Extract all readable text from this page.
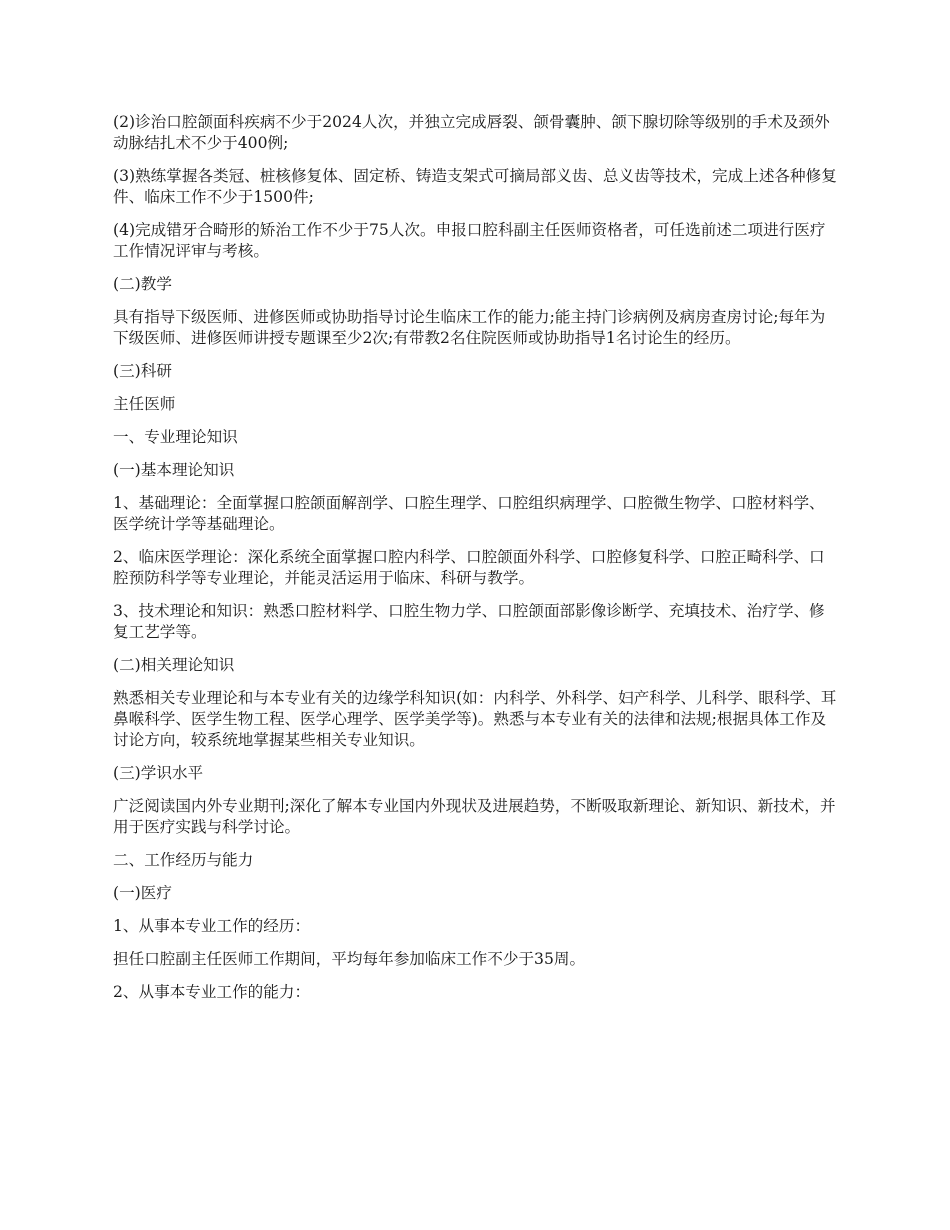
(2)诊治口腔颌面科疾病不少于2024人次，并独立完成唇裂、颌骨囊肿、颌下腺切除等级别的手术及颈外动脉结扎术不少于400例;

(3)熟练掌握各类冠、桩核修复体、固定桥、铸造支架式可摘局部义齿、总义齿等技术，完成上述各种修复件、临床工作不少于1500件;

(4)完成错牙合畸形的矫治工作不少于75人次。申报口腔科副主任医师资格者，可任选前述二项进行医疗工作情况评审与考核。

(二)教学

具有指导下级医师、进修医师或协助指导讨论生临床工作的能力;能主持门诊病例及病房查房讨论;每年为下级医师、进修医师讲授专题课至少2次;有带教2名住院医师或协助指导1名讨论生的经历。

(三)科研

主任医师

一、专业理论知识

(一)基本理论知识

1、基础理论：全面掌握口腔颌面解剖学、口腔生理学、口腔组织病理学、口腔微生物学、口腔材料学、医学统计学等基础理论。

2、临床医学理论：深化系统全面掌握口腔内科学、口腔颌面外科学、口腔修复科学、口腔正畸科学、口腔预防科学等专业理论，并能灵活运用于临床、科研与教学。

3、技术理论和知识：熟悉口腔材料学、口腔生物力学、口腔颌面部影像诊断学、充填技术、治疗学、修复工艺学等。

(二)相关理论知识

熟悉相关专业理论和与本专业有关的边缘学科知识(如：内科学、外科学、妇产科学、儿科学、眼科学、耳鼻喉科学、医学生物工程、医学心理学、医学美学等)。熟悉与本专业有关的法律和法规;根据具体工作及讨论方向，较系统地掌握某些相关专业知识。

(三)学识水平

广泛阅读国内外专业期刊;深化了解本专业国内外现状及进展趋势，不断吸取新理论、新知识、新技术，并用于医疗实践与科学讨论。

二、工作经历与能力

(一)医疗

1、从事本专业工作的经历：

担任口腔副主任医师工作期间，平均每年参加临床工作不少于35周。

2、从事本专业工作的能力：
